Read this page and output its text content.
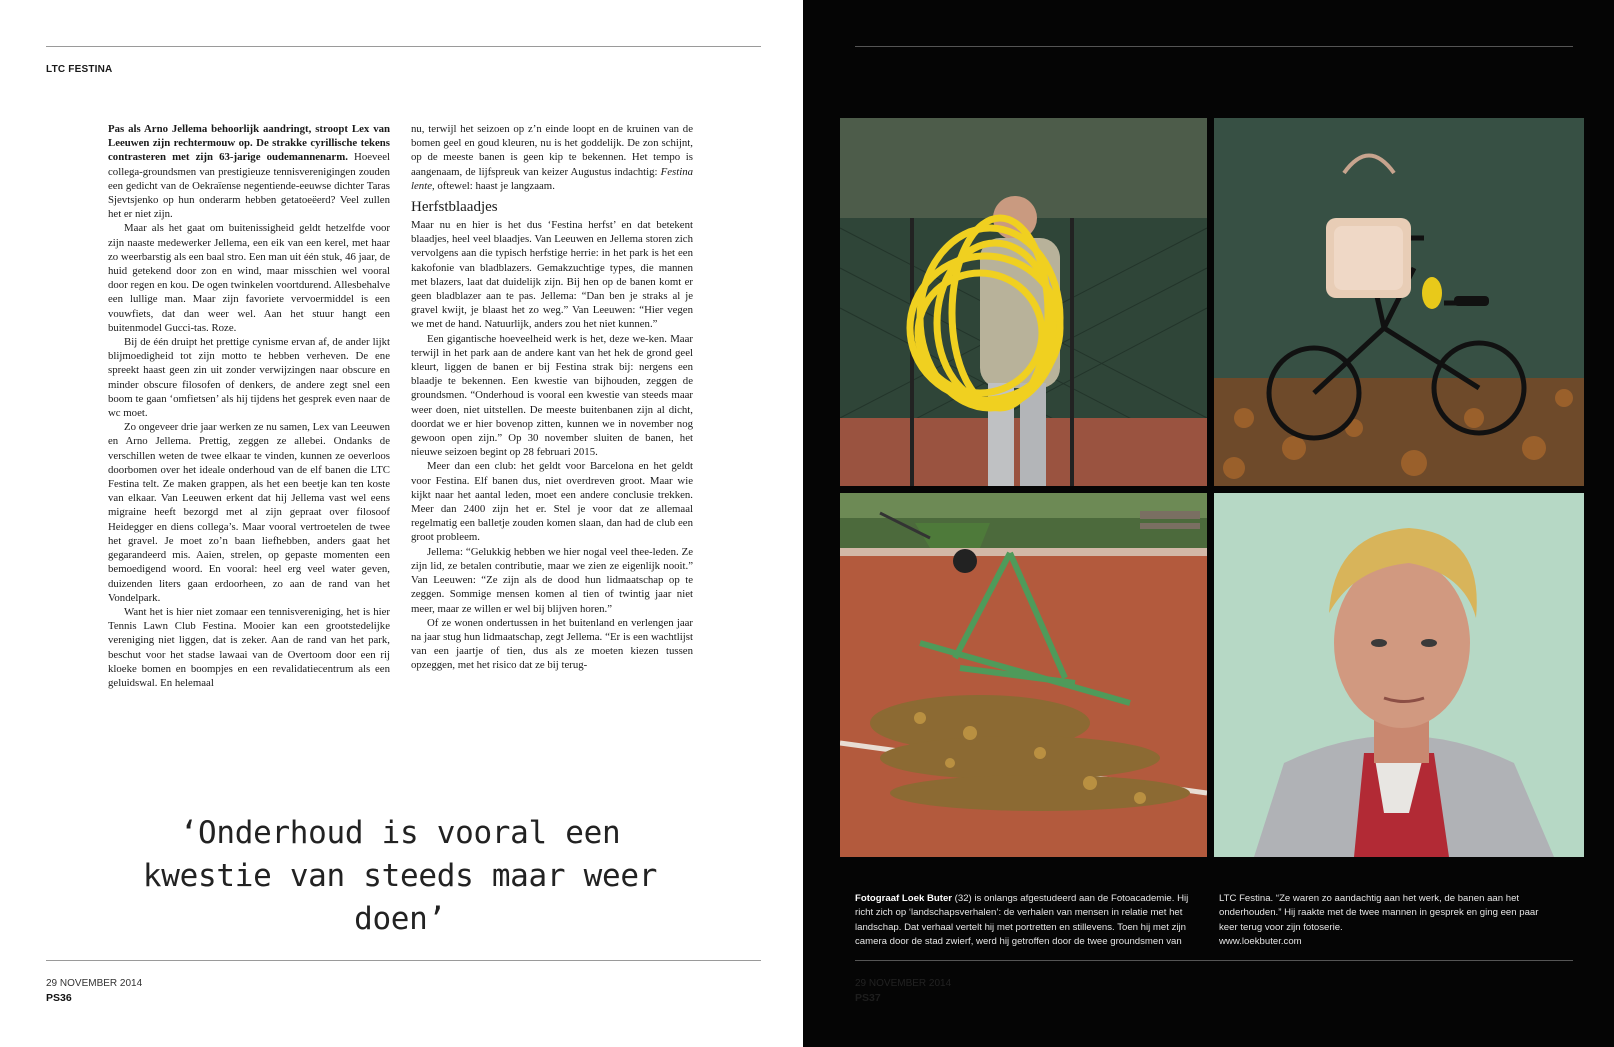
LTC FESTINA

Pas als Arno Jellema behoorlijk aandringt, stroopt Lex van Leeuwen zijn rechtermouw op. De strakke cyrillische tekens contrasteren met zijn 63-jarige oudemannenarm. Hoeveel collega-groundsmen van prestigieuze tennisverenigingen zouden een gedicht van de Oekraïense negentiende-eeuwse dichter Taras Sjevtsjenko op hun onderarm hebben getatoeëerd? Veel zullen het er niet zijn.

Maar als het gaat om buitenissigheid geldt hetzelfde voor zijn naaste medewerker Jellema, een eik van een kerel, met haar zo weerbarstig als een baal stro. Een man uit één stuk, 46 jaar, de huid getekend door zon en wind, maar misschien wel vooral door regen en kou. De ogen twinkelen voortdurend. Allesbehalve een lullige man. Maar zijn favoriete vervoermiddel is een vouwfiets, dat dan weer wel. Aan het stuur hangt een buitenmodel Gucci-tas. Roze.

Bij de één druipt het prettige cynisme ervan af, de ander lijkt blijmoedigheid tot zijn motto te hebben verheven. De ene spreekt haast geen zin uit zonder verwijzingen naar obscure en minder obscure filosofen of denkers, de andere zegt snel een boom te gaan ‘omfietsen’ als hij tijdens het gesprek even naar de wc moet.

Zo ongeveer drie jaar werken ze nu samen, Lex van Leeuwen en Arno Jellema. Prettig, zeggen ze allebei. Ondanks de verschillen weten de twee elkaar te vinden, kunnen ze oeverloos doorbomen over het ideale onderhoud van de elf banen die LTC Festina telt. Ze maken grappen, als het een beetje kan ten koste van elkaar. Van Leeuwen erkent dat hij Jellema vast wel eens migraine heeft bezorgd met al zijn gepraat over filosoof Heidegger en diens collega’s. Maar vooral vertroetelen de twee het gravel. Je moet zo’n baan liefhebben, anders gaat het gegarandeerd mis. Aaien, strelen, op gepaste momenten een bemoedigend woord. En vooral: heel erg veel water geven, duizenden liters gaan erdoorheen, zo aan de rand van het Vondelpark.

Want het is hier niet zomaar een tennisvereniging, het is hier Tennis Lawn Club Festina. Mooier kan een grootstedelijke vereniging niet liggen, dat is zeker. Aan de rand van het park, beschut voor het stadse lawaai van de Overtoom door een rij kloeke bomen en boompjes en een revalidatiecentrum als een geluidswal. En helemaal

nu, terwijl het seizoen op z’n einde loopt en de kruinen van de bomen geel en goud kleuren, nu is het goddelijk. De zon schijnt, op de meeste banen is geen kip te bekennen. Het tempo is aangenaam, de lijfspreuk van keizer Augustus indachtig: Festina lente, oftewel: haast je langzaam.

Herfstblaadjes

Maar nu en hier is het dus ‘Festina herfst’ en dat betekent blaadjes, heel veel blaadjes. Van Leeuwen en Jellema storen zich vervolgens aan die typisch herfstige herrie: in het park is het een kakofonie van bladblazers. Gemakzuchtige types, die mannen met blazers, laat dat duidelijk zijn. Bij hen op de banen komt er geen bladblazer aan te pas. Jellema: “Dan ben je straks al je gravel kwijt, je blaast het zo weg.” Van Leeuwen: “Hier vegen we met de hand. Natuurlijk, anders zou het niet kunnen.”

Een gigantische hoeveelheid werk is het, deze we-ken. Maar terwijl in het park aan de andere kant van het hek de grond geel kleurt, liggen de banen er bij Festina strak bij: nergens een blaadje te bekennen. Een kwestie van bijhouden, zeggen de groundsmen. “Onderhoud is vooral een kwestie van steeds maar weer doen, niet uitstellen. De meeste buitenbanen zijn al dicht, doordat we er hier bovenop zitten, kunnen we in november nog gewoon open zijn.” Op 30 november sluiten de banen, het nieuwe seizoen begint op 28 februari 2015.

Meer dan een club: het geldt voor Barcelona en het geldt voor Festina. Elf banen dus, niet overdreven groot. Maar wie kijkt naar het aantal leden, moet een andere conclusie trekken. Meer dan 2400 zijn het er. Stel je voor dat ze allemaal regelmatig een balletje zouden komen slaan, dan had de club een groot probleem.

Jellema: “Gelukkig hebben we hier nogal veel thee-leden. Ze zijn lid, ze betalen contributie, maar we zien ze eigenlijk nooit.” Van Leeuwen: “Ze zijn als de dood hun lidmaatschap op te zeggen. Sommige mensen komen al tien of twintig jaar niet meer, maar ze willen er wel bij blijven horen.”

Of ze wonen ondertussen in het buitenland en verlengen jaar na jaar stug hun lidmaatschap, zegt Jellema. “Er is een wachtlijst van een jaartje of tien, dus als ze moeten kiezen tussen opzeggen, met het risico dat ze bij terug-

‘Onderhoud is vooral een kwestie van steeds maar weer doen’
29 NOVEMBER 2014
PS36
Fotograaf Loek Buter (32) is onlangs afgestudeerd aan de Fotoacademie. Hij richt zich op ‘landschapsverhalen’: de verhalen van mensen in relatie met het landschap. Dat verhaal vertelt hij met portretten en stillevens. Toen hij met zijn camera door de stad zwierf, werd hij getroffen door de twee groundsmen van
LTC Festina. “Ze waren zo aandachtig aan het werk, de banen aan het onderhouden.” Hij raakte met de twee mannen in gesprek en ging een paar keer terug voor zijn fotoserie.
www.loekbuter.com
29 NOVEMBER 2014
PS37
